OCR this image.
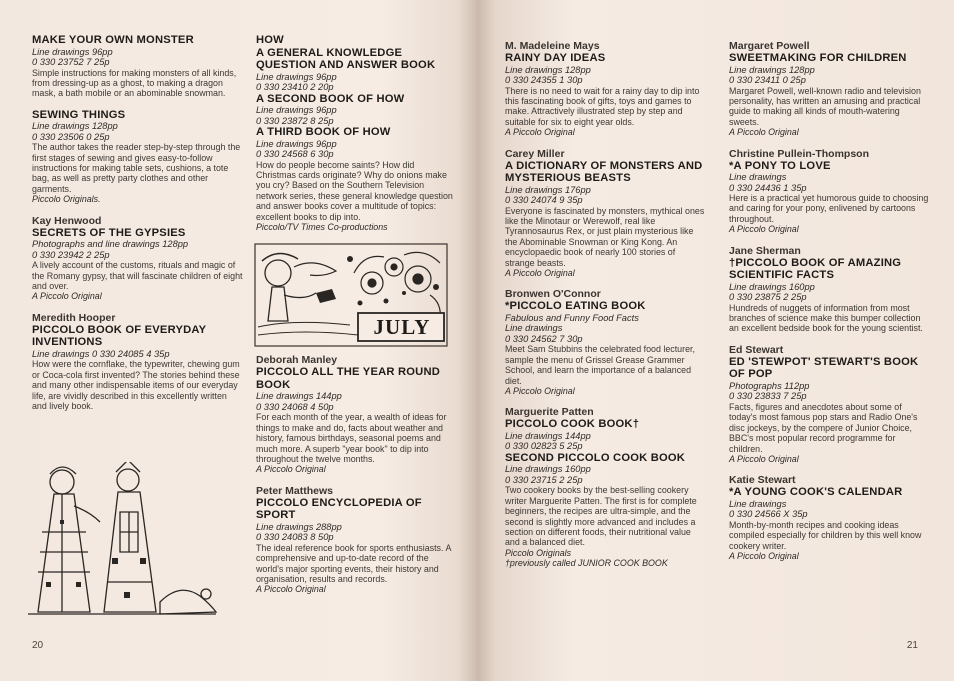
MAKE YOUR OWN MONSTER
Line drawings 96pp
0 330 23752 7 25p
Simple instructions for making monsters of all kinds, from dressing-up as a ghost, to making a dragon mask, a bath mobile or an abominable snowman.
SEWING THINGS
Line drawings 128pp
0 330 23506 0 25p
The author takes the reader step-by-step through the first stages of sewing and gives easy-to-follow instructions for making table sets, cushions, a tote bag, as well as pretty party clothes and other garments.
Piccolo Originals.
Kay Henwood
SECRETS OF THE GYPSIES
Photographs and line drawings 128pp
0 330 23942 2 25p
A lively account of the customs, rituals and magic of the Romany gypsy, that will fascinate children of eight and over.
A Piccolo Original
Meredith Hooper
PICCOLO BOOK OF EVERYDAY INVENTIONS
Line drawings 0 330 24085 4 35p
How were the cornflake, the typewriter, chewing gum or Coca-cola first invented? The stories behind these and many other indispensable items of our everyday life, are vividly described in this excellently written and lively book.
HOW
A GENERAL KNOWLEDGE QUESTION AND ANSWER BOOK
Line drawings 96pp
0 330 23410 2 20p
A SECOND BOOK OF HOW
Line drawings 96pp
0 330 23872 8 25p
A THIRD BOOK OF HOW
Line drawings 96pp
0 330 24568 6 30p
How do people become saints? How did Christmas cards originate? Why do onions make you cry? Based on the Southern Television network series, these general knowledge question and answer books cover a multitude of topics: excellent books to dip into.
Piccolo/TV Times Co-productions
Deborah Manley
PICCOLO ALL THE YEAR ROUND BOOK
Line drawings 144pp
0 330 24068 4 50p
For each month of the year, a wealth of ideas for things to make and do, facts about weather and history, famous birthdays, seasonal poems and much more. A superb "year book" to dip into throughout the twelve months.
A Piccolo Original
Peter Matthews
PICCOLO ENCYCLOPEDIA OF SPORT
Line drawings 288pp
0 330 24083 8 50p
The ideal reference book for sports enthusiasts. A comprehensive and up-to-date record of the world's major sporting events, their history and organisation, results and records.
A Piccolo Original
JULY
20
M. Madeleine Mays
RAINY DAY IDEAS
Line drawings 128pp
0 330 24355 1 30p
There is no need to wait for a rainy day to dip into this fascinating book of gifts, toys and games to make. Attractively illustrated step by step and suitable for six to eight year olds.
A Piccolo Original
Carey Miller
A DICTIONARY OF MONSTERS AND MYSTERIOUS BEASTS
Line drawings 176pp
0 330 24074 9 35p
Everyone is fascinated by monsters, mythical ones like the Minotaur or Werewolf, real like Tyrannosaurus Rex, or just plain mysterious like the Abominable Snowman or King Kong. An encyclopaedic book of nearly 100 stories of strange beasts.
A Piccolo Original
Bronwen O'Connor
*PICCOLO EATING BOOK
Fabulous and Funny Food Facts
Line drawings
0 330 24562 7 30p
Meet Sam Stubbins the celebrated food lecturer, sample the menu of Grissel Grease Grammer School, and learn the importance of a balanced diet.
A Piccolo Original
Marguerite Patten
PICCOLO COOK BOOK†
Line drawings 144pp
0 330 02823 5 25p
SECOND PICCOLO COOK BOOK
Line drawings 160pp
0 330 23715 2 25p
Two cookery books by the best-selling cookery writer Marguerite Patten. The first is for complete beginners, the recipes are ultra-simple, and the second is slightly more advanced and includes a section on different foods, their nutritional value and a balanced diet.
Piccolo Originals
†previously called JUNIOR COOK BOOK
Margaret Powell
SWEETMAKING FOR CHILDREN
Line drawings 128pp
0 330 23411 0 25p
Margaret Powell, well-known radio and television personality, has written an amusing and practical guide to making all kinds of mouth-watering sweets.
A Piccolo Original
Christine Pullein-Thompson
*A PONY TO LOVE
Line drawings
0 330 24436 1 35p
Here is a practical yet humorous guide to choosing and caring for your pony, enlivened by cartoons throughout.
A Piccolo Original
Jane Sherman
†PICCOLO BOOK OF AMAZING SCIENTIFIC FACTS
Line drawings 160pp
0 330 23875 2 25p
Hundreds of nuggets of information from most branches of science make this bumper collection an excellent bedside book for the young scientist.
Ed Stewart
ED 'STEWPOT' STEWART'S BOOK OF POP
Photographs 112pp
0 330 23833 7 25p
Facts, figures and anecdotes about some of today's most famous pop stars and Radio One's disc jockeys, by the compere of Junior Choice, BBC's most popular record programme for children.
A Piccolo Original
Katie Stewart
*A YOUNG COOK'S CALENDAR
Line drawings
0 330 24566 X 35p
Month-by-month recipes and cooking ideas compiled especially for children by this well know cookery writer.
A Piccolo Original
21
